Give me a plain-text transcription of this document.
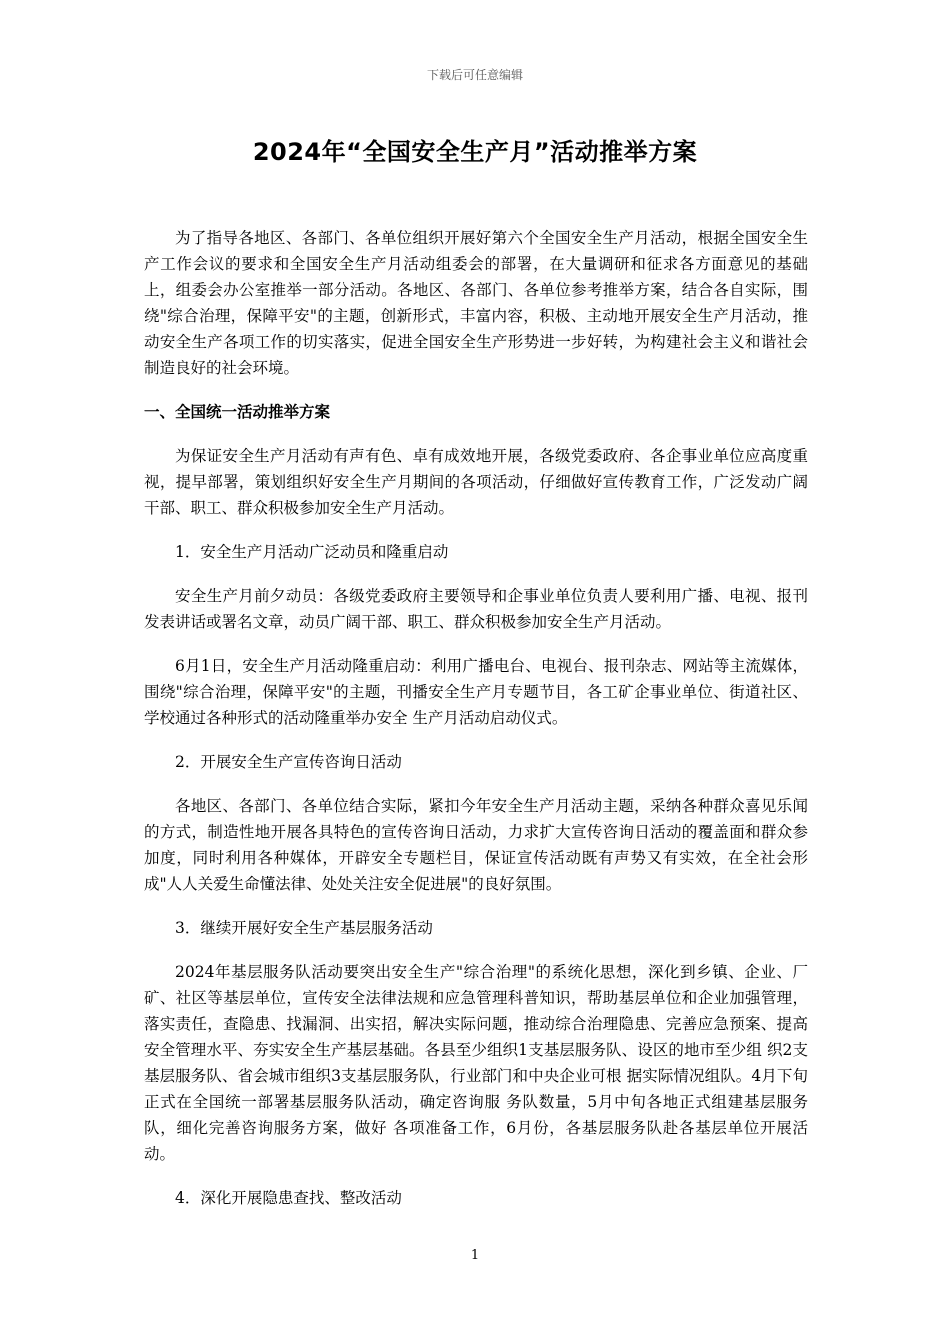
下载后可任意编辑
2024年“全国安全生产月”活动推举方案

为了指导各地区、各部门、各单位组织开展好第六个全国安全生产月活动，根据全国安全生产工作会议的要求和全国安全生产月活动组委会的部署，在大量调研和征求各方面意见的基础上，组委会办公室推举一部分活动。各地区、各部门、各单位参考推举方案，结合各自实际，围绕"综合治理，保障平安"的主题，创新形式，丰富内容，积极、主动地开展安全生产月活动，推动安全生产各项工作的切实落实，促进全国安全生产形势进一步好转，为构建社会主义和谐社会制造良好的社会环境。

一、全国统一活动推举方案

为保证安全生产月活动有声有色、卓有成效地开展，各级党委政府、各企事业单位应高度重视，提早部署，策划组织好安全生产月期间的各项活动，仔细做好宣传教育工作，广泛发动广阔干部、职工、群众积极参加安全生产月活动。

1．安全生产月活动广泛动员和隆重启动

安全生产月前夕动员：各级党委政府主要领导和企事业单位负责人要利用广播、电视、报刊发表讲话或署名文章，动员广阔干部、职工、群众积极参加安全生产月活动。

6月1日，安全生产月活动隆重启动：利用广播电台、电视台、报刊杂志、网站等主流媒体，围绕"综合治理，保障平安"的主题，刊播安全生产月专题节目，各工矿企事业单位、街道社区、学校通过各种形式的活动隆重举办安全 生产月活动启动仪式。

2．开展安全生产宣传咨询日活动

各地区、各部门、各单位结合实际，紧扣今年安全生产月活动主题，采纳各种群众喜见乐闻的方式，制造性地开展各具特色的宣传咨询日活动，力求扩大宣传咨询日活动的覆盖面和群众参加度，同时利用各种媒体，开辟安全专题栏目，保证宣传活动既有声势又有实效，在全社会形成"人人关爱生命懂法律、处处关注安全促进展"的良好氛围。

3．继续开展好安全生产基层服务活动

2024年基层服务队活动要突出安全生产"综合治理"的系统化思想，深化到乡镇、企业、厂矿、社区等基层单位，宣传安全法律法规和应急管理科普知识，帮助基层单位和企业加强管理，落实责任，查隐患、找漏洞、出实招，解决实际问题，推动综合治理隐患、完善应急预案、提高安全管理水平、夯实安全生产基层基础。各县至少组织1支基层服务队、设区的地市至少组 织2支基层服务队、省会城市组织3支基层服务队，行业部门和中央企业可根 据实际情况组队。4月下旬正式在全国统一部署基层服务队活动，确定咨询服 务队数量，5月中旬各地正式组建基层服务队，细化完善咨询服务方案，做好 各项准备工作，6月份，各基层服务队赴各基层单位开展活动。

4．深化开展隐患查找、整改活动

1
